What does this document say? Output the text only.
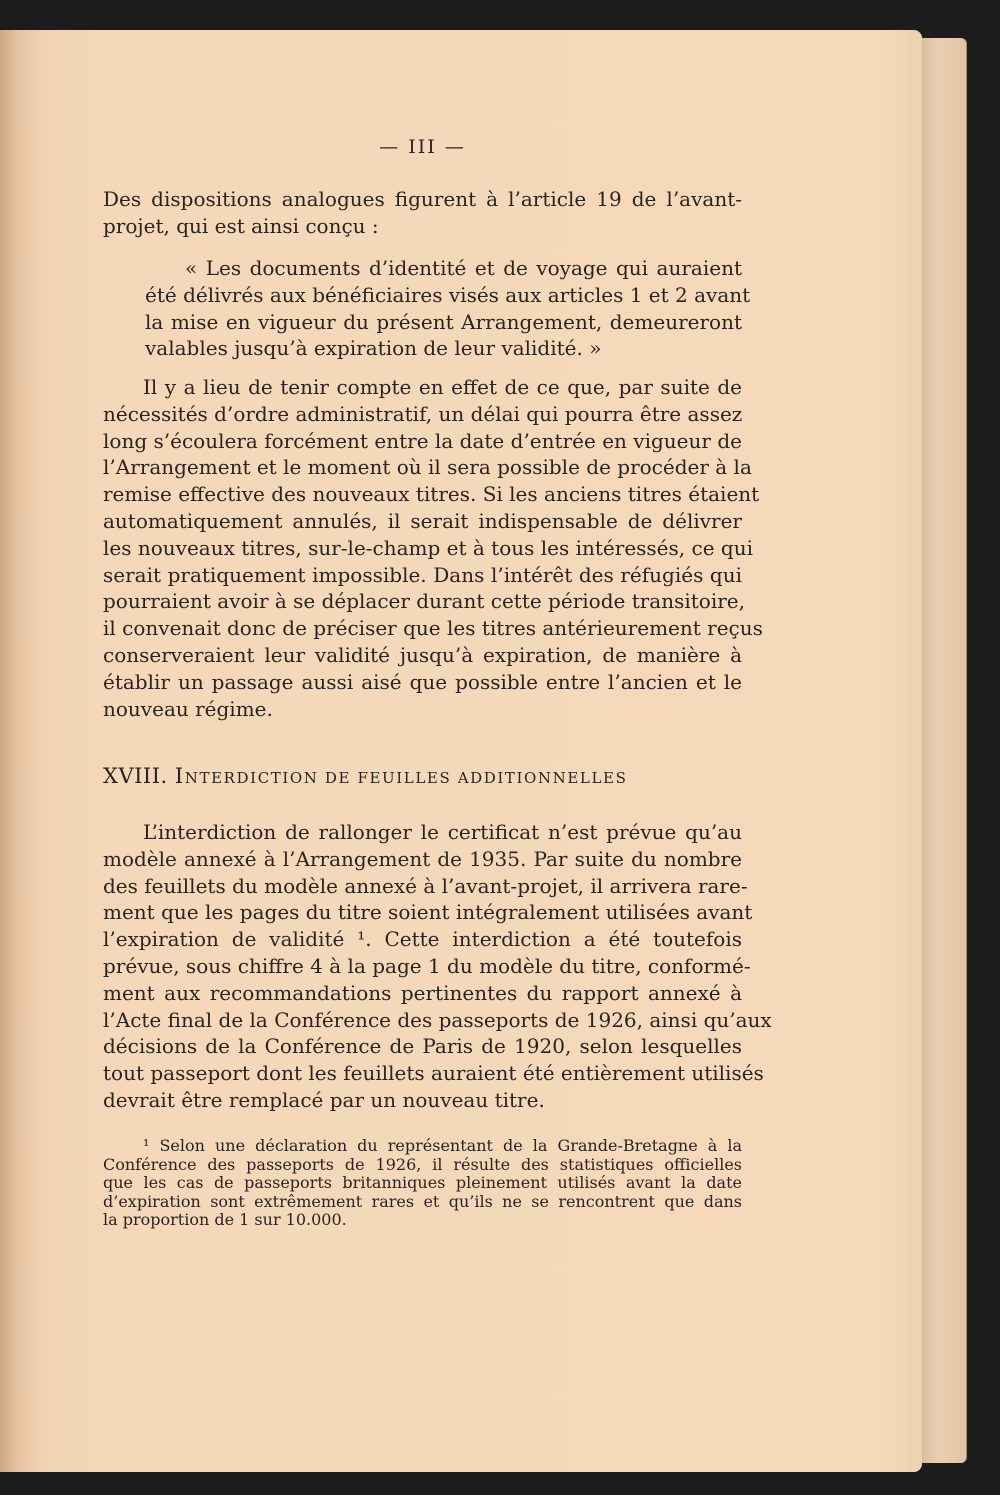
— III —
Des dispositions analogues figurent à l’article 19 de l’avant-
projet, qui est ainsi conçu :
« Les documents d’identité et de voyage qui auraient
été délivrés aux bénéficiaires visés aux articles 1 et 2 avant
la mise en vigueur du présent Arrangement, demeureront
valables jusqu’à expiration de leur validité. »
Il y a lieu de tenir compte en effet de ce que, par suite de
nécessités d’ordre administratif, un délai qui pourra être assez
long s’écoulera forcément entre la date d’entrée en vigueur de
l’Arrangement et le moment où il sera possible de procéder à la
remise effective des nouveaux titres. Si les anciens titres étaient
automatiquement annulés, il serait indispensable de délivrer
les nouveaux titres, sur-le-champ et à tous les intéressés, ce qui
serait pratiquement impossible. Dans l’intérêt des réfugiés qui
pourraient avoir à se déplacer durant cette période transitoire,
il convenait donc de préciser que les titres antérieurement reçus
conserveraient leur validité jusqu’à expiration, de manière à
établir un passage aussi aisé que possible entre l’ancien et le
nouveau régime.
XVIII. INTERDICTION DE FEUILLES ADDITIONNELLES
L’interdiction de rallonger le certificat n’est prévue qu’au
modèle annexé à l’Arrangement de 1935. Par suite du nombre
des feuillets du modèle annexé à l’avant-projet, il arrivera rare-
ment que les pages du titre soient intégralement utilisées avant
l’expiration de validité ¹. Cette interdiction a été toutefois
prévue, sous chiffre 4 à la page 1 du modèle du titre, conformé-
ment aux recommandations pertinentes du rapport annexé à
l’Acte final de la Conférence des passeports de 1926, ainsi qu’aux
décisions de la Conférence de Paris de 1920, selon lesquelles
tout passeport dont les feuillets auraient été entièrement utilisés
devrait être remplacé par un nouveau titre.
¹ Selon une déclaration du représentant de la Grande-Bretagne à la
Conférence des passeports de 1926, il résulte des statistiques officielles
que les cas de passeports britanniques pleinement utilisés avant la date
d’expiration sont extrêmement rares et qu’ils ne se rencontrent que dans
la proportion de 1 sur 10.000.
